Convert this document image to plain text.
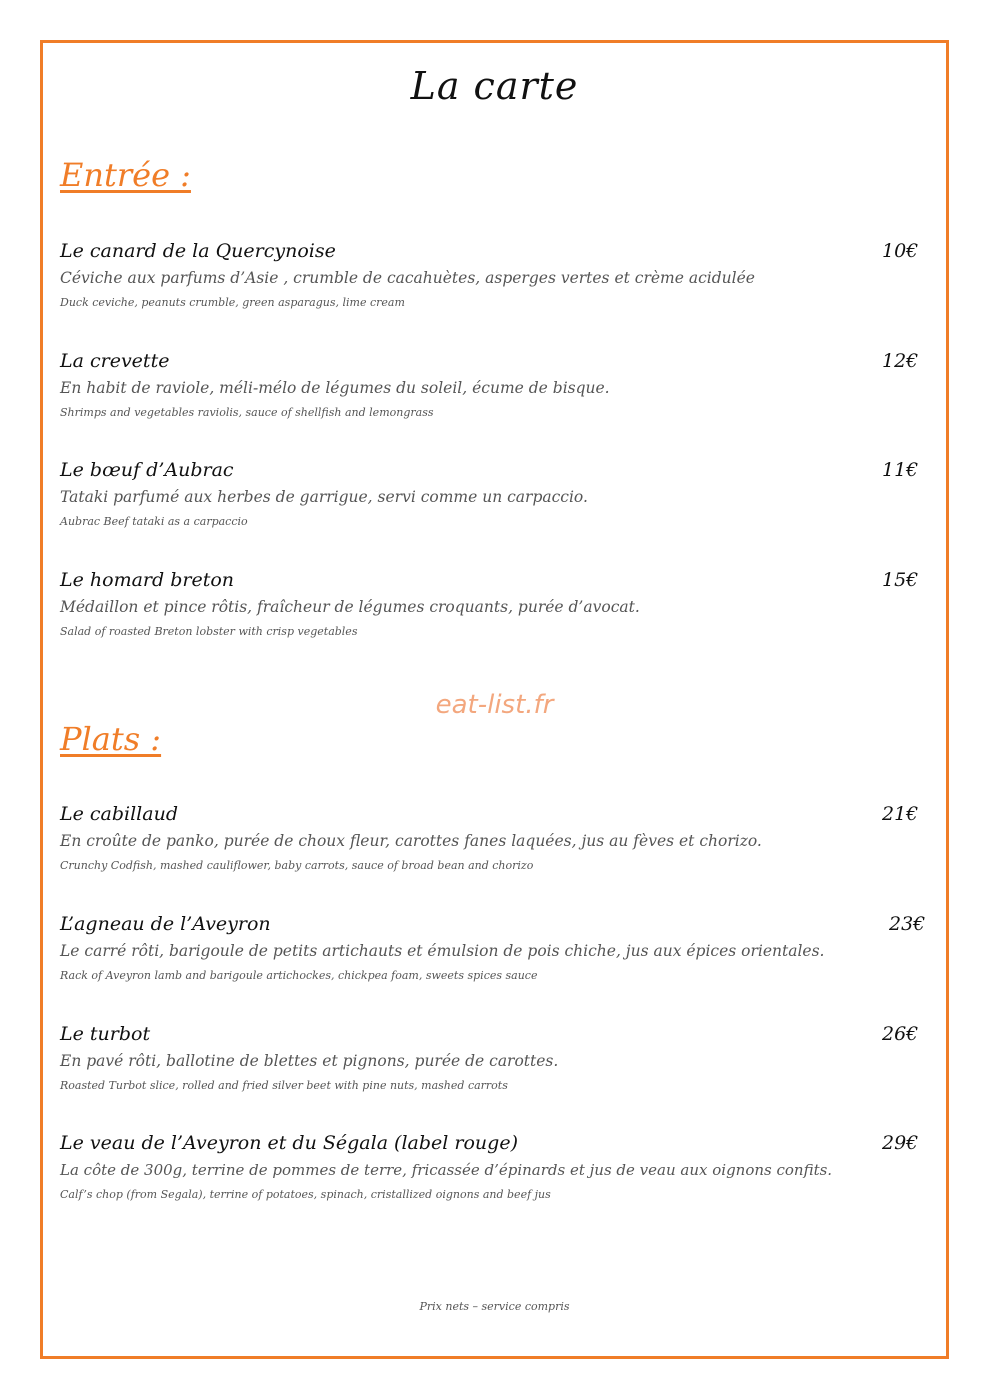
La carte
Entrée :
Le canard de la Quercynoise	10€
Céviche aux parfums d’Asie , crumble de cacahuètes, asperges vertes et crème acidulée
Duck ceviche, peanuts crumble, green asparagus, lime cream
La crevette	12€
En habit de raviole, méli-mélo de légumes du soleil, écume de bisque.
Shrimps and vegetables raviolis, sauce of shellfish and lemongrass
Le bœuf d’Aubrac	11€
Tataki parfumé aux herbes de garrigue, servi comme un carpaccio.
Aubrac Beef tataki as a carpaccio
Le homard breton	15€
Médaillon et pince rôtis, fraîcheur de légumes croquants, purée d’avocat.
Salad of roasted Breton lobster with crisp vegetables
eat-list.fr
Plats :
Le cabillaud	21€
En croûte de panko, purée de choux fleur, carottes fanes laquées, jus au fèves et chorizo.
Crunchy Codfish, mashed cauliflower, baby carrots, sauce of broad bean and chorizo
L’agneau de l’Aveyron	23€
Le carré rôti, barigoule de petits artichauts et émulsion de pois chiche, jus aux épices orientales.
Rack of Aveyron lamb and barigoule artichockes, chickpea foam, sweets spices sauce
Le turbot	26€
En pavé rôti, ballotine de blettes et pignons, purée de carottes.
Roasted Turbot slice, rolled and fried silver beet with pine nuts, mashed carrots
Le veau de l’Aveyron et du Ségala (label rouge)	29€
La côte de 300g, terrine de pommes de terre, fricassée d’épinards et jus de veau aux oignons confits.
Calf’s chop (from Segala), terrine of potatoes, spinach, cristallized oignons and beef jus
Prix nets – service compris
